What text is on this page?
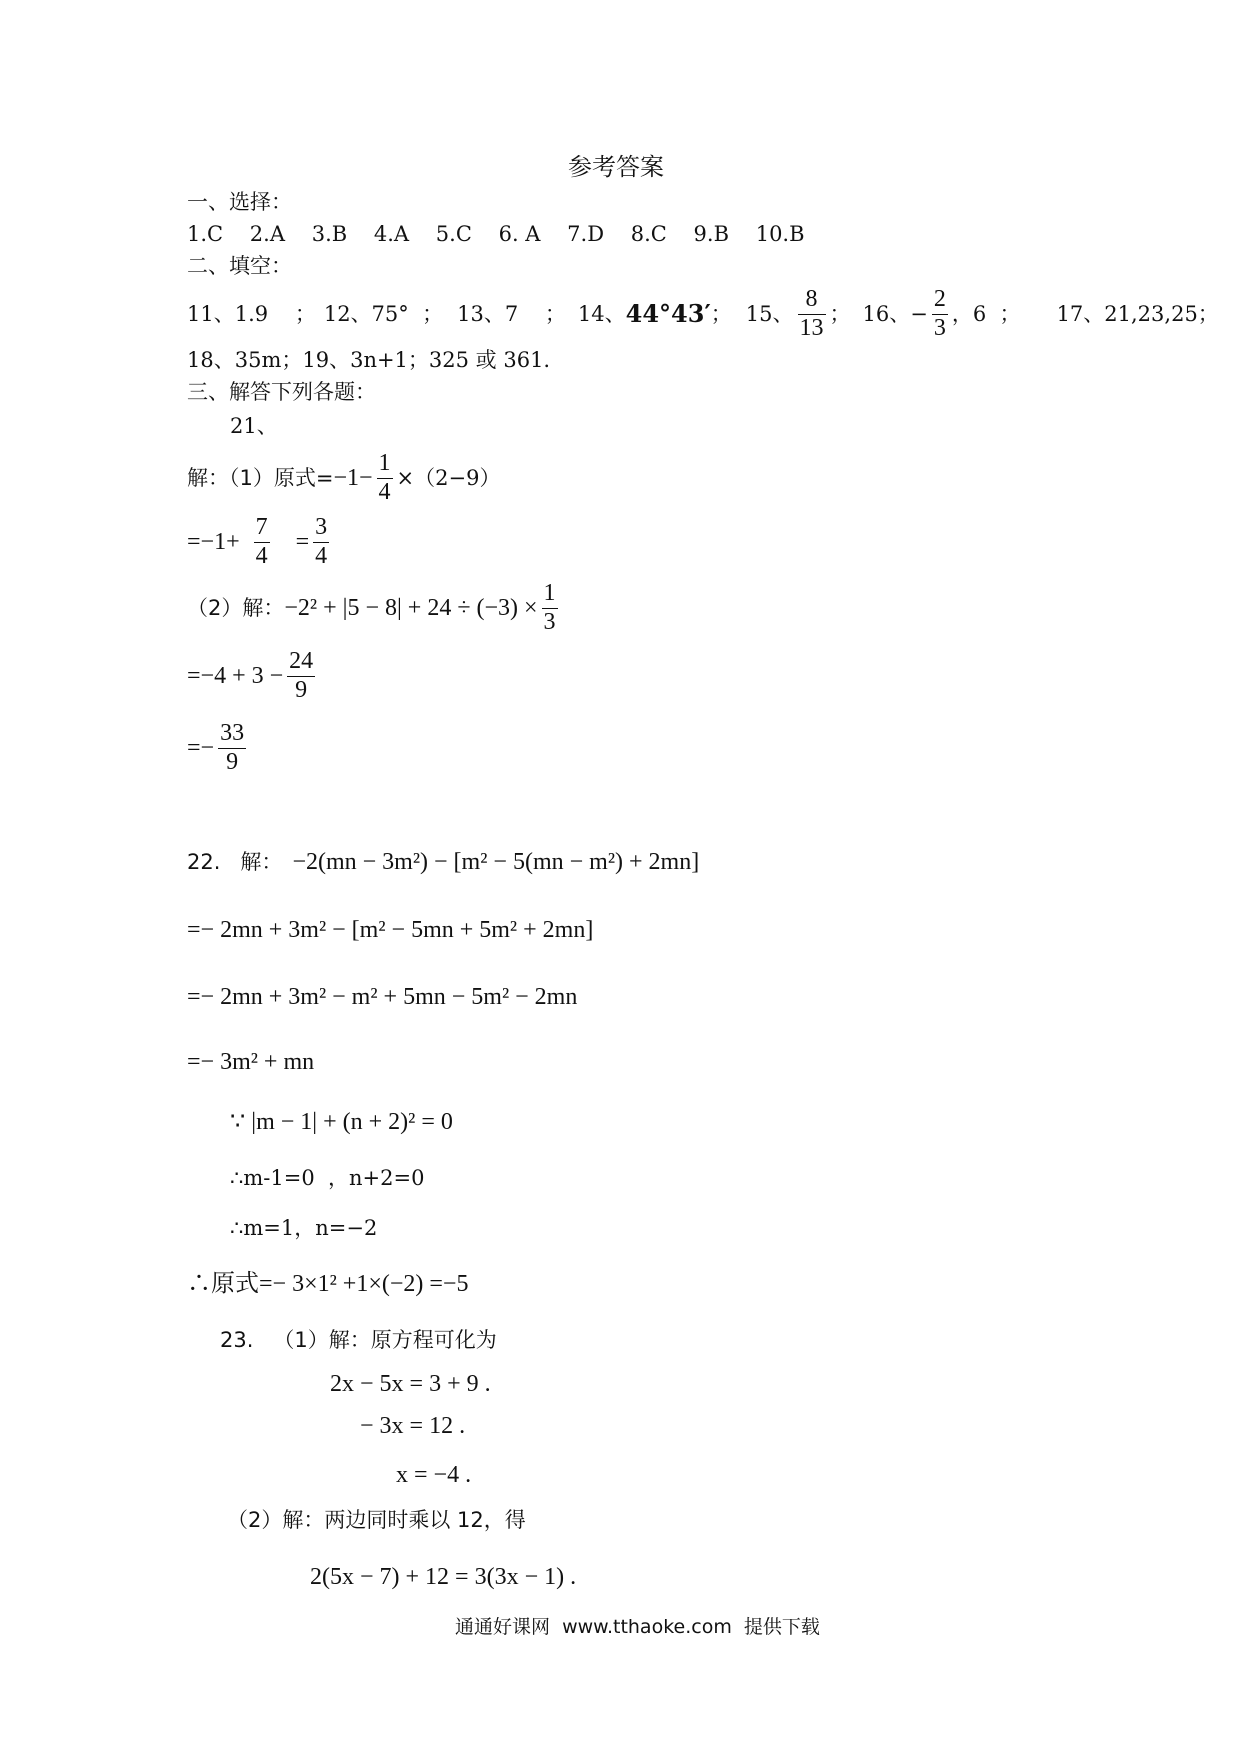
参考答案
一、选择：
1.C    2.A    3.B    4.A    5.C    6. A    7.D    8.C    9.B    10.B
二、填空：
11、1.9    ； 12、75°  ； 13、7    ； 14、 44°43′ ； 15、 $\frac{8}{13}$ ； 16、− $\frac{2}{3}$ ，6  ； 17、21,23,25；
18、35m；19、3n+1；325 或 361.
三、解答下列各题：
21、
解：（1）原式= $-1- \frac{1}{4} \times(2-9)$
$=-1+ \frac{7}{4} = \frac{3}{4}$
（2）解： $-2^2 + |5 - 8| + 24 \div (-3) \times \frac{1}{3}$
$=-4 + 3 - \frac{24}{9}$
=− $\frac{33}{9}$
22.   解： −2(mn − 3m²) − [m² − 5(mn − m²) + 2mn]
=− 2mn + 3m² − [m² − 5mn + 5m² + 2mn]
=− 2mn + 3m² − m² + 5mn − 5m² − 2mn
=− 3m² + mn
∵ |m − 1| + (n + 2)² = 0
∴m-1=0  ，n+2=0
∴m=1，n=−2
∴原式=− 3×1² +1×(−2) =−5
23.   （1）解：原方程可化为
2x − 5x = 3 + 9 .
− 3x = 12 .
x = −4 .
（2）解：两边同时乘以 12，得
2(5x − 7) + 12 = 3(3x − 1) .
通通好课网  www.tthaoke.com  提供下载
